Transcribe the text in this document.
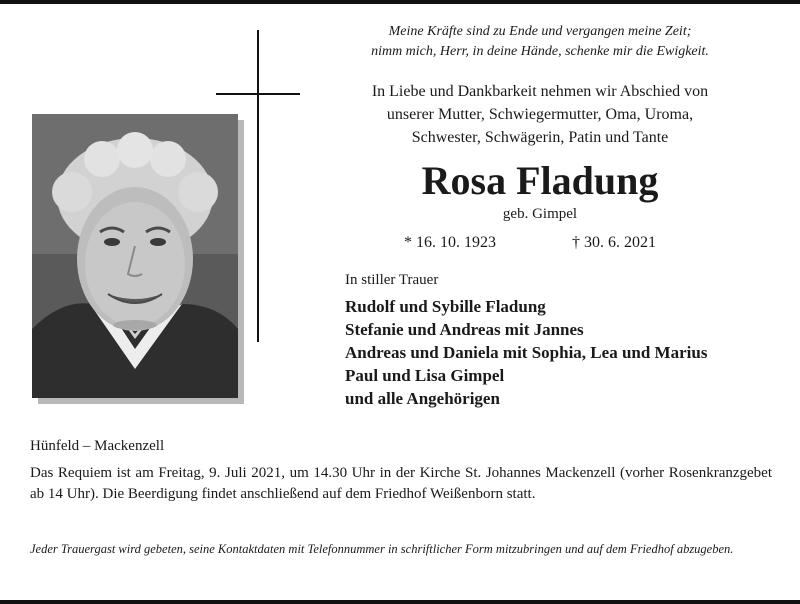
Meine Kräfte sind zu Ende und vergangen meine Zeit;
nimm mich, Herr, in deine Hände, schenke mir die Ewigkeit.
In Liebe und Dankbarkeit nehmen wir Abschied von
unserer Mutter, Schwiegermutter, Oma, Uroma,
Schwester, Schwägerin, Patin und Tante
Rosa Fladung
geb. Gimpel
* 16. 10. 1923	† 30. 6. 2021
In stiller Trauer
Rudolf und Sybille Fladung
Stefanie und Andreas mit Jannes
Andreas und Daniela mit Sophia, Lea und Marius
Paul und Lisa Gimpel
und alle Angehörigen
Hünfeld – Mackenzell
Das Requiem ist am Freitag, 9. Juli 2021, um 14.30 Uhr in der Kirche St. Johannes Mackenzell (vorher Rosenkranzgebet ab 14 Uhr). Die Beerdigung findet anschließend auf dem Friedhof Weißenborn statt.
Jeder Trauergast wird gebeten, seine Kontaktdaten mit Telefonnummer in schriftlicher Form mitzubringen und auf dem Friedhof abzugeben.
